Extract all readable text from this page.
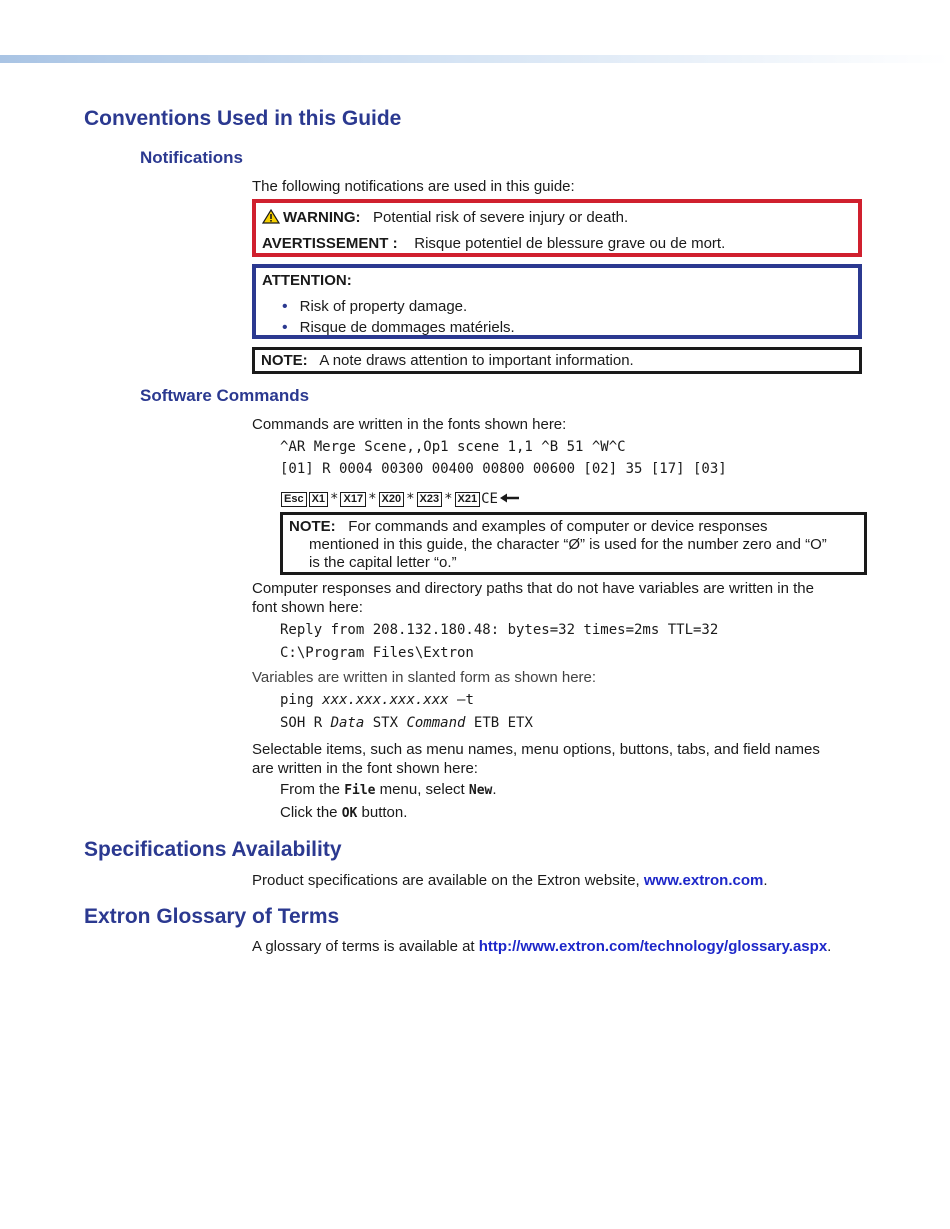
Conventions Used in this Guide
Notifications

The following notifications are used in this guide:

WARNING: Potential risk of severe injury or death.
AVERTISSEMENT : Risque potentiel de blessure grave ou de mort.
ATTENTION:
• Risk of property damage.
• Risque de dommages matériels.
NOTE: A note draws attention to important information.
Software Commands

Commands are written in the fonts shown here:

^AR Merge Scene,,Op1 scene 1,1 ^B 51 ^W^C

[01] R 0004 00300 00400 00800 00600 [02] 35 [17] [03]

Esc X1 * X17 * X20 * X23 * X21 CE
NOTE: For commands and examples of computer or device responses
mentioned in this guide, the character “Ø” is used for the number zero and “O”
is the capital letter “o.”

Computer responses and directory paths that do not have variables are written in the

font shown here:

Reply from 208.132.180.48: bytes=32 times=2ms TTL=32

C:\Program Files\Extron

Variables are written in slanted form as shown here:

ping xxx.xxx.xxx.xxx —t

SOH R Data STX Command ETB ETX

Selectable items, such as menu names, menu options, buttons, tabs, and field names

are written in the font shown here:

From the File menu, select New.

Click the OK button.

Specifications Availability

Product specifications are available on the Extron website, www.extron.com.

Extron Glossary of Terms

A glossary of terms is available at http://www.extron.com/technology/glossary.aspx.
